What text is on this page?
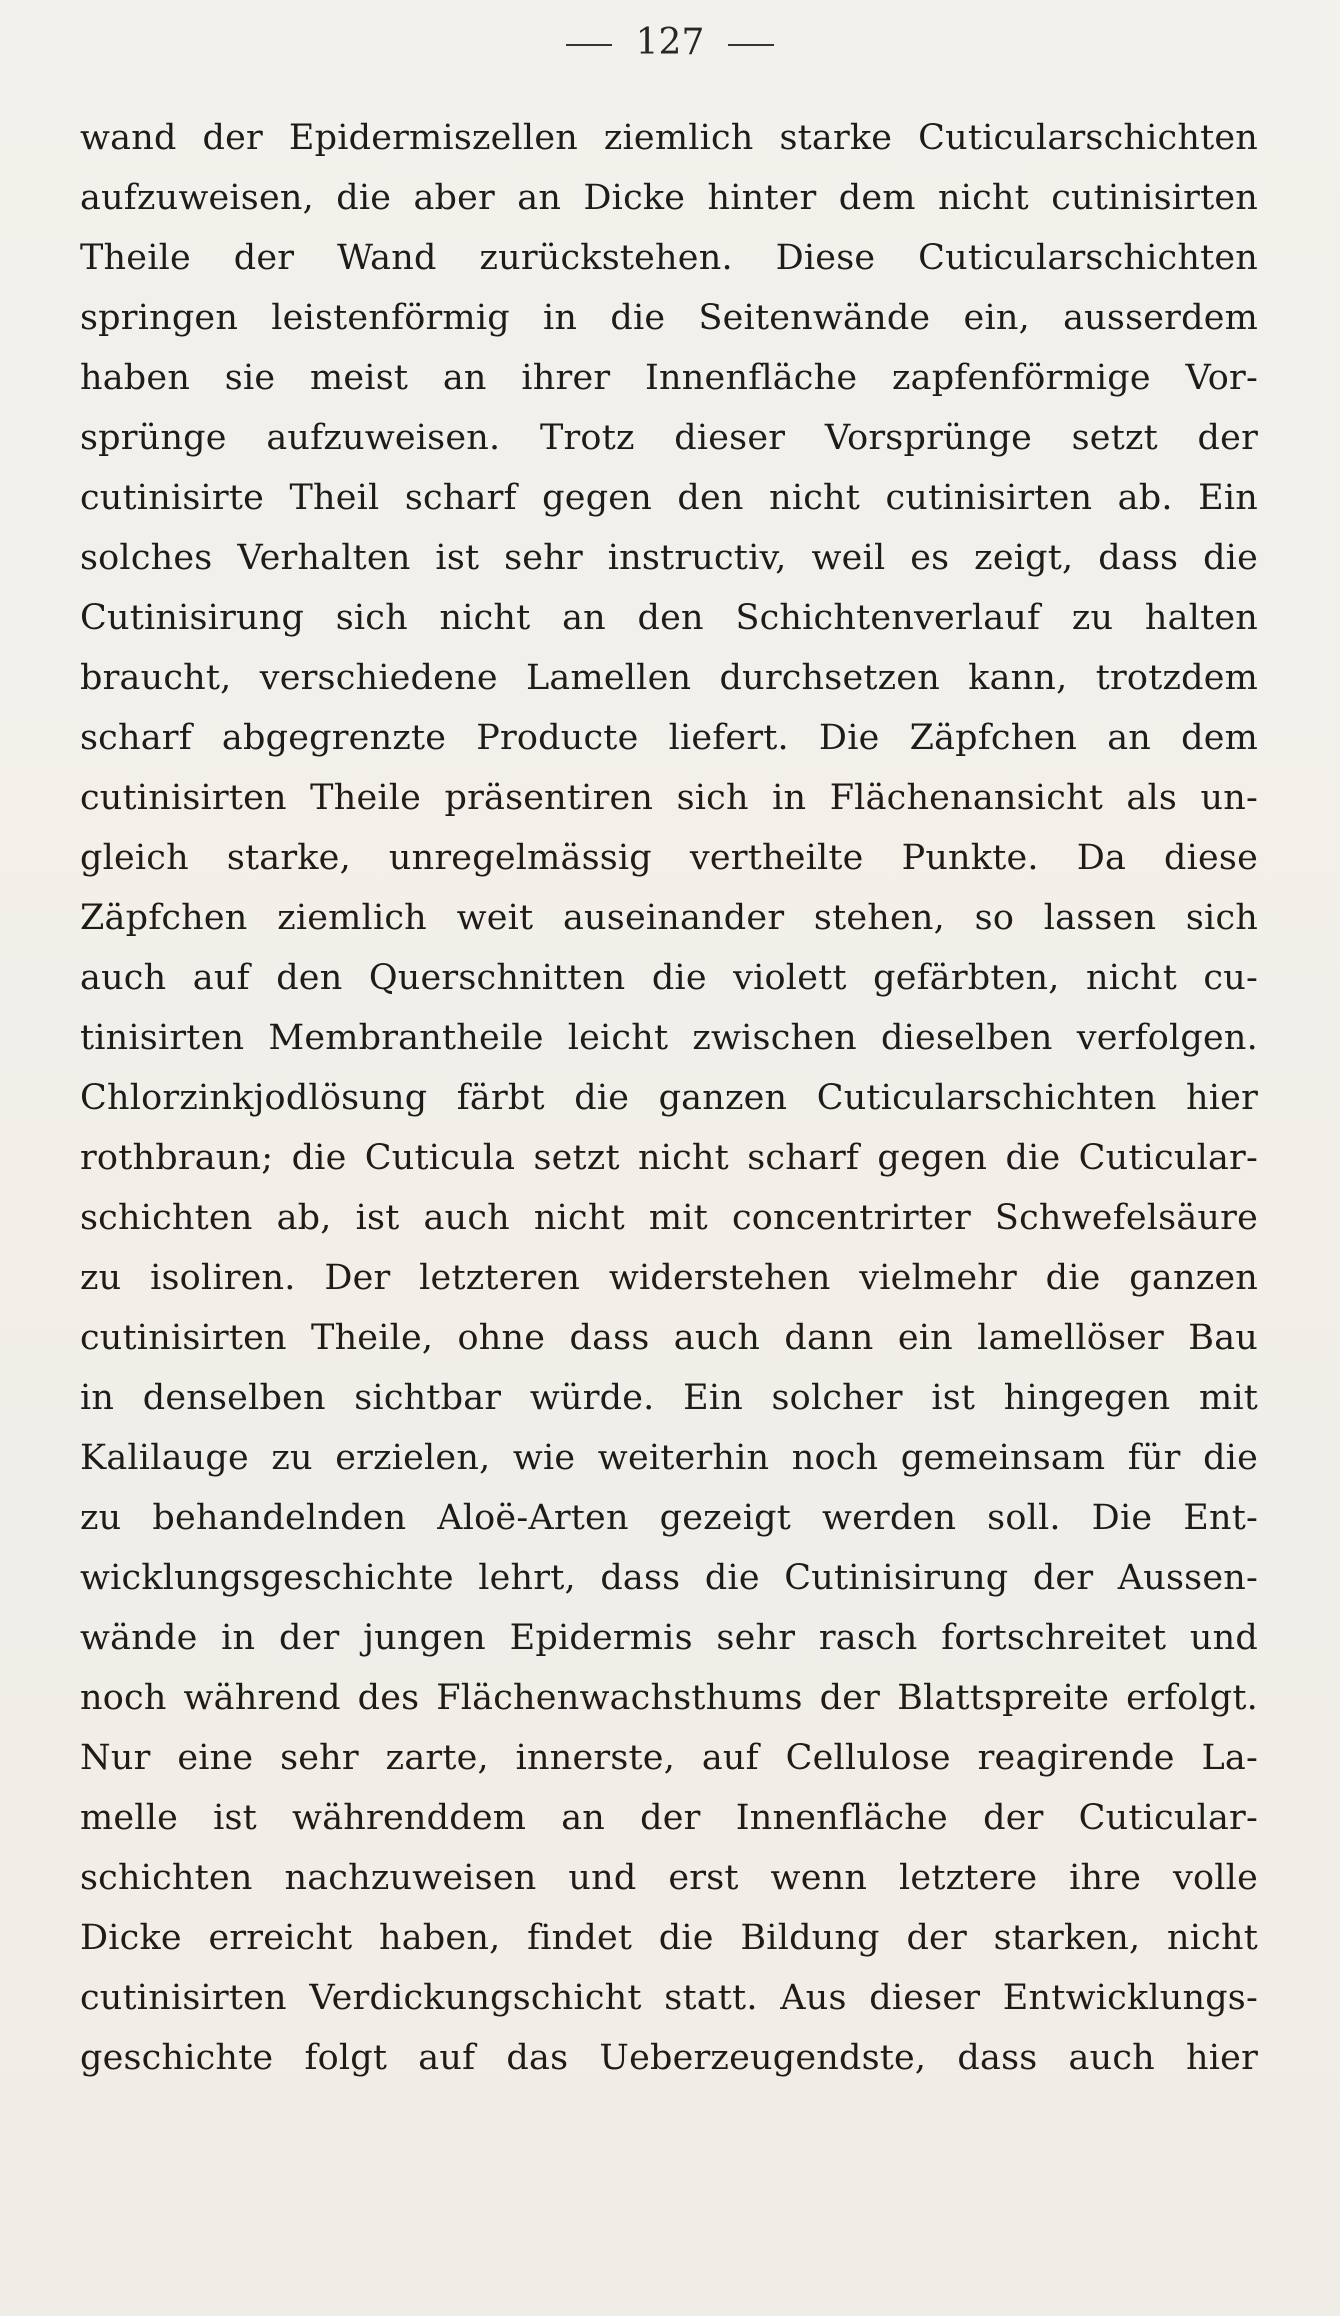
127
wand der Epidermiszellen ziemlich starke Cuticularschichten
aufzuweisen, die aber an Dicke hinter dem nicht cutinisirten
Theile der Wand zurückstehen. Diese Cuticularschichten
springen leistenförmig in die Seitenwände ein, ausserdem
haben sie meist an ihrer Innenfläche zapfenförmige Vor-
sprünge aufzuweisen. Trotz dieser Vorsprünge setzt der
cutinisirte Theil scharf gegen den nicht cutinisirten ab. Ein
solches Verhalten ist sehr instructiv, weil es zeigt, dass die
Cutinisirung sich nicht an den Schichtenverlauf zu halten
braucht, verschiedene Lamellen durchsetzen kann, trotzdem
scharf abgegrenzte Producte liefert. Die Zäpfchen an dem
cutinisirten Theile präsentiren sich in Flächenansicht als un-
gleich starke, unregelmässig vertheilte Punkte. Da diese
Zäpfchen ziemlich weit auseinander stehen, so lassen sich
auch auf den Querschnitten die violett gefärbten, nicht cu-
tinisirten Membrantheile leicht zwischen dieselben verfolgen.
Chlorzinkjodlösung färbt die ganzen Cuticularschichten hier
rothbraun; die Cuticula setzt nicht scharf gegen die Cuticular-
schichten ab, ist auch nicht mit concentrirter Schwefelsäure
zu isoliren. Der letzteren widerstehen vielmehr die ganzen
cutinisirten Theile, ohne dass auch dann ein lamellöser Bau
in denselben sichtbar würde. Ein solcher ist hingegen mit
Kalilauge zu erzielen, wie weiterhin noch gemeinsam für die
zu behandelnden Aloë-Arten gezeigt werden soll. Die Ent-
wicklungsgeschichte lehrt, dass die Cutinisirung der Aussen-
wände in der jungen Epidermis sehr rasch fortschreitet und
noch während des Flächenwachsthums der Blattspreite erfolgt.
Nur eine sehr zarte, innerste, auf Cellulose reagirende La-
melle ist währenddem an der Innenfläche der Cuticular-
schichten nachzuweisen und erst wenn letztere ihre volle
Dicke erreicht haben, findet die Bildung der starken, nicht
cutinisirten Verdickungschicht statt. Aus dieser Entwicklungs-
geschichte folgt auf das Ueberzeugendste, dass auch hier
